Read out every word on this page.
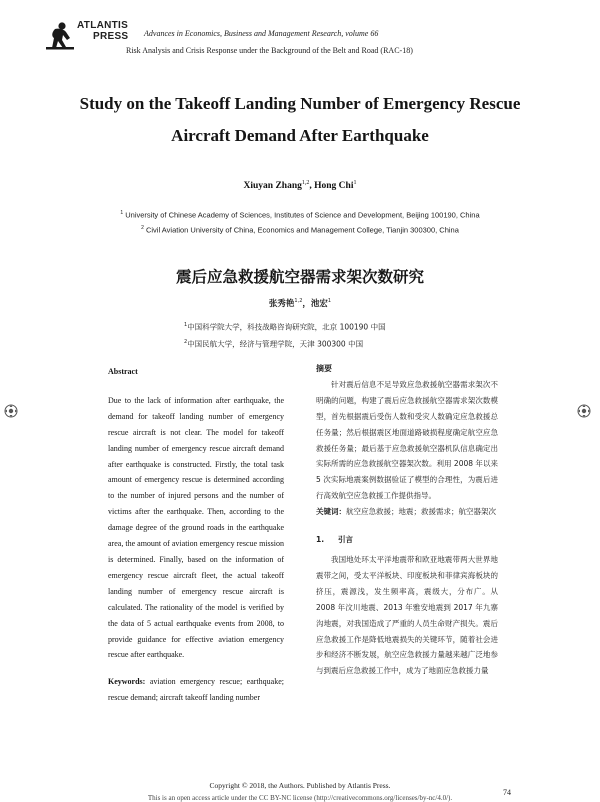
ATLANTIS
PRESS Advances in Economics, Business and Management Research, volume 66
Risk Analysis and Crisis Response under the Background of the Belt and Road (RAC-18)
Study on the Takeoff Landing Number of Emergency Rescue Aircraft Demand After Earthquake
Xiuyan Zhang$^{1,2}$, Hong Chi$^1$
$^1$ University of Chinese Academy of Sciences, Institutes of Science and Development, Beijing 100190, China
$^2$ Civil Aviation University of China, Economics and Management College, Tianjin 300300, China
震后应急救援航空器需求架次数研究
张秀艳$^{1,2}$，池宏$^1$
$^1$中国科学院大学，科技战略咨询研究院，北京 100190 中国
$^2$中国民航大学，经济与管理学院，天津 300300 中国
Abstract

Due to the lack of information after earthquake, the demand for takeoff landing number of emergency rescue aircraft is not clear. The model for takeoff landing number of emergency rescue aircraft demand after earthquake is constructed. Firstly, the total task amount of emergency rescue is determined according to the number of injured persons and the number of victims after the earthquake. Then, according to the damage degree of the ground roads in the earthquake area, the amount of aviation emergency rescue mission is determined. Finally, based on the information of emergency rescue aircraft fleet, the actual takeoff landing number of emergency rescue aircraft is calculated. The rationality of the model is verified by the data of 5 actual earthquake events from 2008, to provide guidance for effective aviation emergency rescue after earthquake.

Keywords: aviation emergency rescue; earthquake; rescue demand; aircraft takeoff landing number
摘要

针对震后信息不足导致应急救援航空器需求架次不明确的问题，构建了震后应急救援航空器需求架次数模型，首先根据震后受伤人数和受灾人数确定应急救援总任务量；然后根据震区地面道路破损程度确定航空应急救援任务量；最后基于应急救援航空器机队信息确定出实际所需的应急救援航空器架次数。利用 2008 年以来 5 次实际地震案例数据验证了模型的合理性，为震后进行高效航空应急救援工作提供指导。

关键词：航空应急救援；地震；救援需求；航空器架次

1. 引言

我国地处环太平洋地震带和欧亚地震带两大世界地震带之间，受太平洋板块、印度板块和菲律宾海板块的挤压，震源浅，发生频率高，震级大，分布广。从 2008 年汶川地震、2013 年雅安地震到 2017 年九寨沟地震，对我国造成了严重的人员生命财产损失。震后应急救援工作是降低地震损失的关键环节，随着社会进步和经济不断发展，航空应急救援力量越来越广泛地参与到震后应急救援工作中，成为了地面应急救援力量

Copyright © 2018, the Authors. Published by Atlantis Press.
This is an open access article under the CC BY-NC license (http://creativecommons.org/licenses/by-nc/4.0/).
74
